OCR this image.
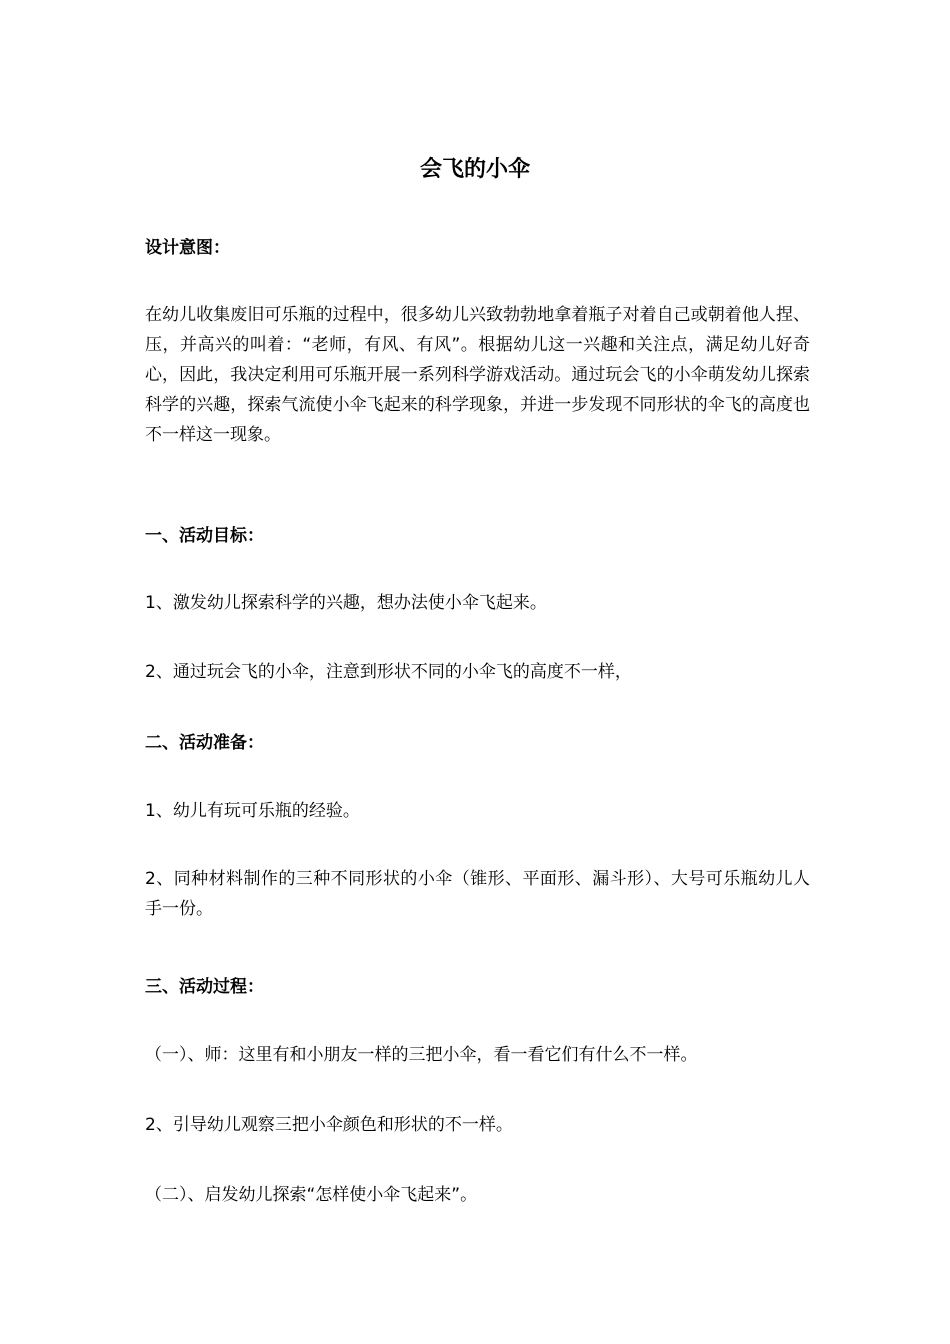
会飞的小伞
设计意图：
在幼儿收集废旧可乐瓶的过程中，很多幼儿兴致勃勃地拿着瓶子对着自己或朝着他人捏、压，并高兴的叫着：“老师，有风、有风”。根据幼儿这一兴趣和关注点，满足幼儿好奇心，因此，我决定利用可乐瓶开展一系列科学游戏活动。通过玩会飞的小伞萌发幼儿探索科学的兴趣，探索气流使小伞飞起来的科学现象，并进一步发现不同形状的伞飞的高度也不一样这一现象。
一、活动目标：
1、激发幼儿探索科学的兴趣，想办法使小伞飞起来。
2、通过玩会飞的小伞，注意到形状不同的小伞飞的高度不一样，
二、活动准备：
1、幼儿有玩可乐瓶的经验。
2、同种材料制作的三种不同形状的小伞（锥形、平面形、漏斗形）、大号可乐瓶幼儿人手一份。
三、活动过程：
（一）、师：这里有和小朋友一样的三把小伞，看一看它们有什么不一样。
2、引导幼儿观察三把小伞颜色和形状的不一样。
（二）、启发幼儿探索“怎样使小伞飞起来”。
